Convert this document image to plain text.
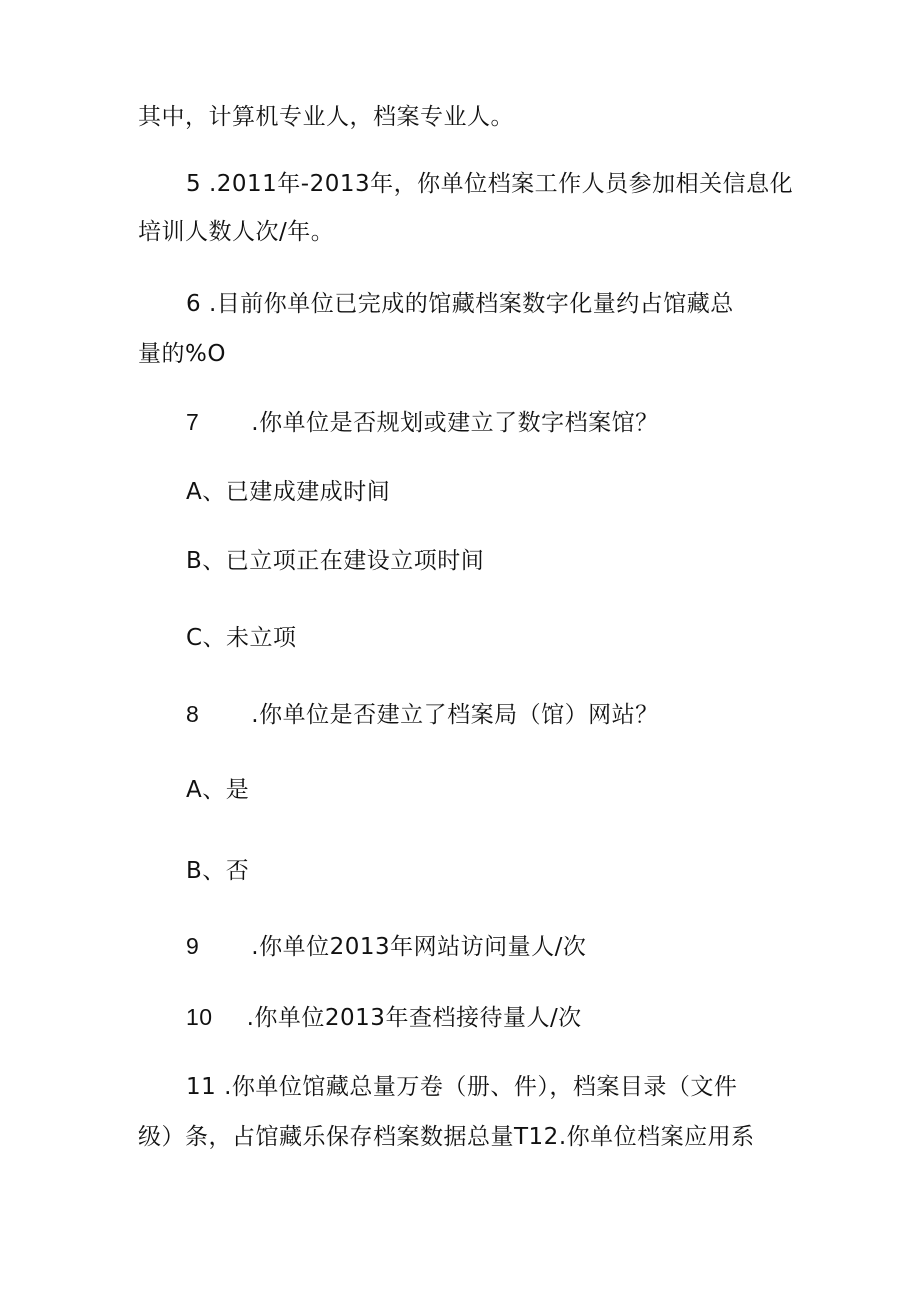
其中，计算机专业人，档案专业人。
5 .2011年-2013年，你单位档案工作人员参加相关信息化
培训人数人次/年。
6 .目前你单位已完成的馆藏档案数字化量约占馆藏总
量的%O
7 .你单位是否规划或建立了数字档案馆？
A、已建成建成时间
B、已立项正在建设立项时间
C、未立项
8 .你单位是否建立了档案局（馆）网站？
A、是
B、否
9 .你单位2013年网站访问量人/次
10 .你单位2013年查档接待量人/次
11 .你单位馆藏总量万卷（册、件），档案目录（文件
级）条，占馆藏乐保存档案数据总量T12.你单位档案应用系
